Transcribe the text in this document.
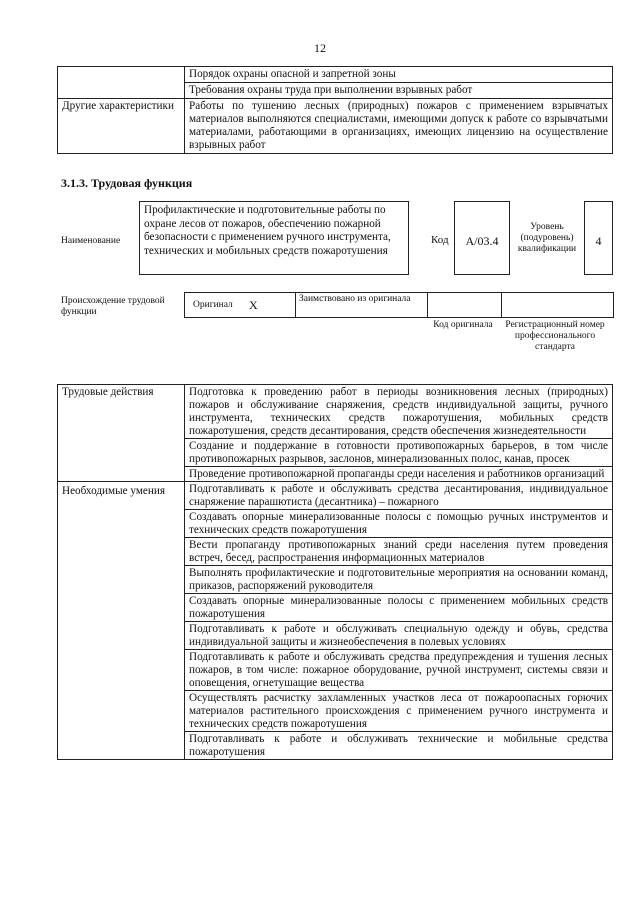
12
	Порядок охраны опасной и запретной зоны
	Требования охраны труда при выполнении взрывных работ
Другие характеристики	Работы по тушению лесных (природных) пожаров с применением взрывчатых материалов выполняются специалистами, имеющими допуск к работе со взрывчатыми материалами, работающими в организациях, имеющих лицензию на осуществление взрывных работ
3.1.3. Трудовая функция
Наименование
Профилактические и подготовительные работы по охране лесов от пожаров, обеспечению пожарной безопасности с применением ручного инструмента, технических и мобильных средств пожаротушения
Код	A/03.4
Уровень (подуровень) квалификации
4
Происхождение трудовой функции
Оригинал X	Заимствовано из оригинала
Код оригинала	Регистрационный номер профессионального стандарта
Трудовые действия	Подготовка к проведению работ в периоды возникновения лесных (природных) пожаров и обслуживание снаряжения, средств индивидуальной защиты, ручного инструмента, технических средств пожаротушения, мобильных средств пожаротушения, средств десантирования, средств обеспечения жизнедеятельности
	Создание и поддержание в готовности противопожарных барьеров, в том числе противопожарных разрывов, заслонов, минерализованных полос, канав, просек
	Проведение противопожарной пропаганды среди населения и работников организаций
Необходимые умения	Подготавливать к работе и обслуживать средства десантирования, индивидуальное снаряжение парашютиста (десантника) – пожарного
	Создавать опорные минерализованные полосы с помощью ручных инструментов и технических средств пожаротушения
	Вести пропаганду противопожарных знаний среди населения путем проведения встреч, бесед, распространения информационных материалов
	Выполнять профилактические и подготовительные мероприятия на основании команд, приказов, распоряжений руководителя
	Создавать опорные минерализованные полосы с применением мобильных средств пожаротушения
	Подготавливать к работе и обслуживать специальную одежду и обувь, средства индивидуальной защиты и жизнеобеспечения в полевых условиях
	Подготавливать к работе и обслуживать средства предупреждения и тушения лесных пожаров, в том числе: пожарное оборудование, ручной инструмент, системы связи и оповещения, огнетушащие вещества
	Осуществлять расчистку захламленных участков леса от пожароопасных горючих материалов растительного происхождения с применением ручного инструмента и технических средств пожаротушения
	Подготавливать к работе и обслуживать технические и мобильные средства пожаротушения
